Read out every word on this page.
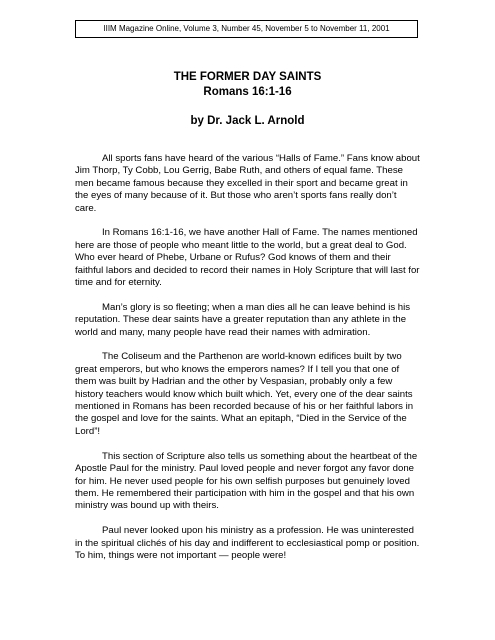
IIIM Magazine Online, Volume 3, Number 45, November 5 to November 11, 2001
THE FORMER DAY SAINTS
Romans 16:1-16
by Dr. Jack L. Arnold

All sports fans have heard of the various “Halls of Fame.” Fans know about Jim Thorp, Ty Cobb, Lou Gerrig, Babe Ruth, and others of equal fame. These men became famous because they excelled in their sport and became great in the eyes of many because of it. But those who aren’t sports fans really don’t care.

In Romans 16:1-16, we have another Hall of Fame. The names mentioned here are those of people who meant little to the world, but a great deal to God. Who ever heard of Phebe, Urbane or Rufus? God knows of them and their faithful labors and decided to record their names in Holy Scripture that will last for time and for eternity.

Man’s glory is so fleeting; when a man dies all he can leave behind is his reputation. These dear saints have a greater reputation than any athlete in the world and many, many people have read their names with admiration.

The Coliseum and the Parthenon are world-known edifices built by two great emperors, but who knows the emperors names? If I tell you that one of them was built by Hadrian and the other by Vespasian, probably only a few history teachers would know which built which. Yet, every one of the dear saints mentioned in Romans has been recorded because of his or her faithful labors in the gospel and love for the saints. What an epitaph, “Died in the Service of the Lord”!

This section of Scripture also tells us something about the heartbeat of the Apostle Paul for the ministry. Paul loved people and never forgot any favor done for him. He never used people for his own selfish purposes but genuinely loved them. He remembered their participation with him in the gospel and that his own ministry was bound up with theirs.

Paul never looked upon his ministry as a profession. He was uninterested in the spiritual clichés of his day and indifferent to ecclesiastical pomp or position. To him, things were not important — people were!
